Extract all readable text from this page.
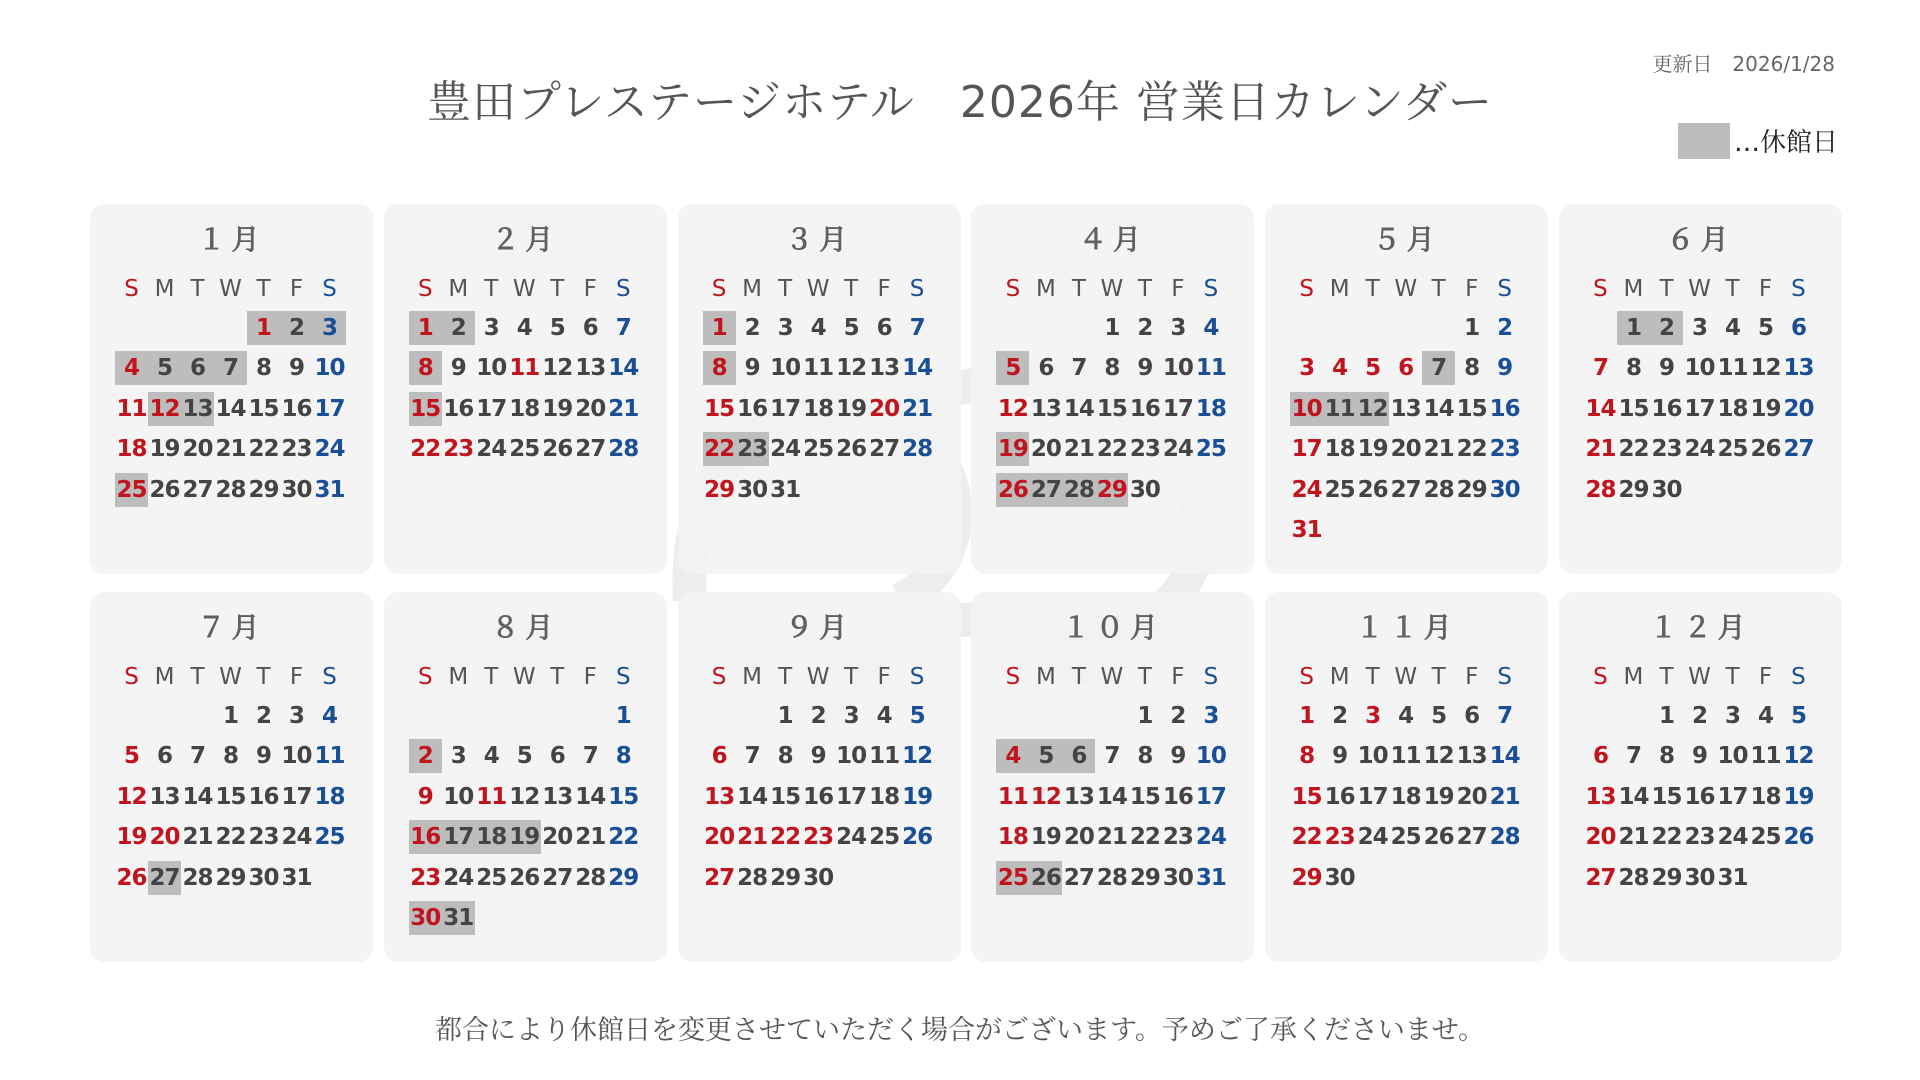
豊田プレステージホテル　2026年 営業日カレンダー
更新日　2026/1/28
…休館日
１月
S M T W T F S
1 2 3
4 5 6 7 8 9 10
11 12 13 14 15 16 17
18 19 20 21 22 23 24
25 26 27 28 29 30 31
２月
S M T W T F S
1 2 3 4 5 6 7
8 9 10 11 12 13 14
15 16 17 18 19 20 21
22 23 24 25 26 27 28
３月
S M T W T F S
1 2 3 4 5 6 7
8 9 10 11 12 13 14
15 16 17 18 19 20 21
22 23 24 25 26 27 28
29 30 31
４月
S M T W T F S
1 2 3 4
5 6 7 8 9 10 11
12 13 14 15 16 17 18
19 20 21 22 23 24 25
26 27 28 29 30
５月
S M T W T F S
1 2
3 4 5 6 7 8 9
10 11 12 13 14 15 16
17 18 19 20 21 22 23
24 25 26 27 28 29 30
31
６月
S M T W T F S
1 2 3 4 5 6
7 8 9 10 11 12 13
14 15 16 17 18 19 20
21 22 23 24 25 26 27
28 29 30
７月
S M T W T F S
1 2 3 4
5 6 7 8 9 10 11
12 13 14 15 16 17 18
19 20 21 22 23 24 25
26 27 28 29 30 31
８月
S M T W T F S
1
2 3 4 5 6 7 8
9 10 11 12 13 14 15
16 17 18 19 20 21 22
23 24 25 26 27 28 29
30 31
９月
S M T W T F S
1 2 3 4 5
6 7 8 9 10 11 12
13 14 15 16 17 18 19
20 21 22 23 24 25 26
27 28 29 30
１０月
S M T W T F S
1 2 3
4 5 6 7 8 9 10
11 12 13 14 15 16 17
18 19 20 21 22 23 24
25 26 27 28 29 30 31
１１月
S M T W T F S
1 2 3 4 5 6 7
8 9 10 11 12 13 14
15 16 17 18 19 20 21
22 23 24 25 26 27 28
29 30
１２月
S M T W T F S
1 2 3 4 5
6 7 8 9 10 11 12
13 14 15 16 17 18 19
20 21 22 23 24 25 26
27 28 29 30 31
都合により休館日を変更させていただく場合がございます。予めご了承くださいませ。
